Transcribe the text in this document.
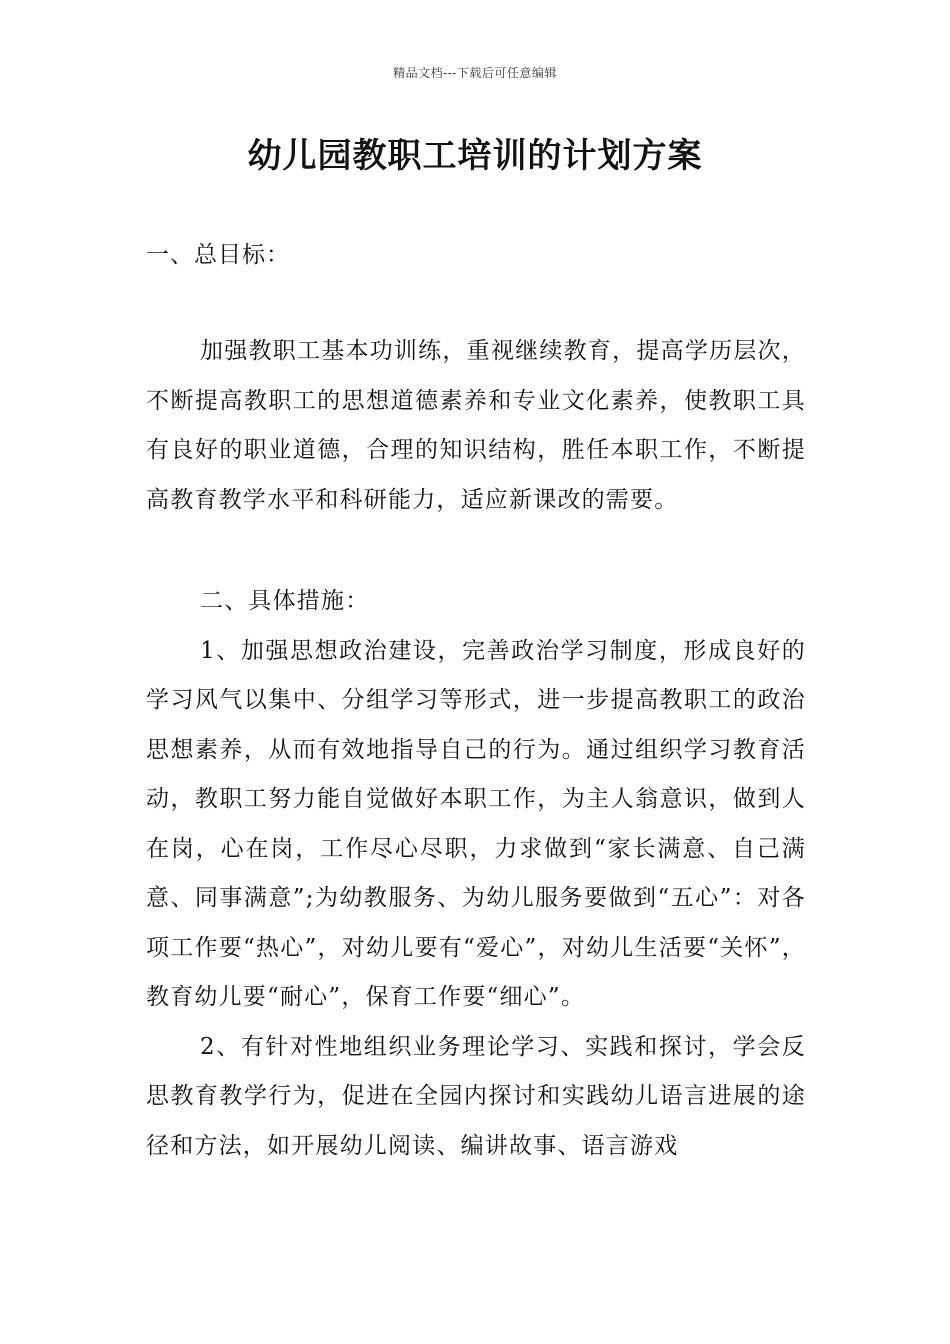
精品文档---下载后可任意编辑
幼儿园教职工培训的计划方案
一、总目标：

加强教职工基本功训练，重视继续教育，提高学历层次，不断提高教职工的思想道德素养和专业文化素养，使教职工具有良好的职业道德，合理的知识结构，胜任本职工作，不断提高教育教学水平和科研能力，适应新课改的需要。

二、具体措施：

1、加强思想政治建设，完善政治学习制度，形成良好的学习风气以集中、分组学习等形式，进一步提高教职工的政治思想素养，从而有效地指导自己的行为。通过组织学习教育活动，教职工努力能自觉做好本职工作，为主人翁意识，做到人在岗，心在岗，工作尽心尽职，力求做到“家长满意、自己满意、同事满意”;为幼教服务、为幼儿服务要做到“五心”：对各项工作要“热心”，对幼儿要有“爱心”，对幼儿生活要“关怀”，教育幼儿要“耐心”，保育工作要“细心”。

2、有针对性地组织业务理论学习、实践和探讨，学会反思教育教学行为，促进在全园内探讨和实践幼儿语言进展的途径和方法，如开展幼儿阅读、编讲故事、语言游戏
